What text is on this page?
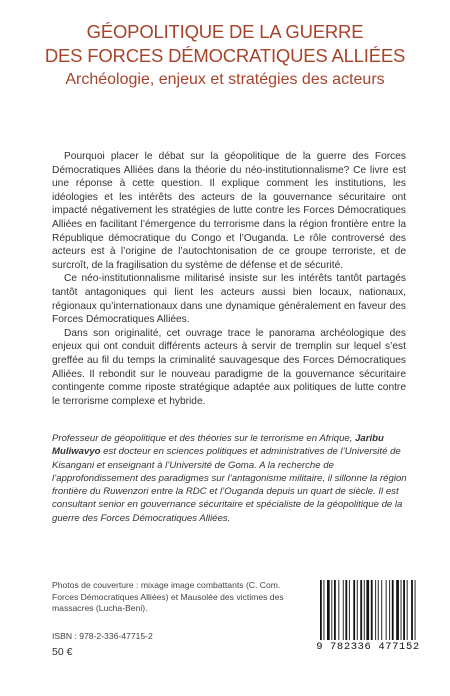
GÉOPOLITIQUE DE LA GUERRE
DES FORCES DÉMOCRATIQUES ALLIÉES
Archéologie, enjeux et stratégies des acteurs

Pourquoi placer le débat sur la géopolitique de la guerre des Forces Démocratiques Alliées dans la théorie du néo-institutionnalisme? Ce livre est une réponse à cette question. Il explique comment les institutions, les idéologies et les intérêts des acteurs de la gouvernance sécuritaire ont impacté négativement les stratégies de lutte contre les Forces Démocratiques Alliées en facilitant l’émergence du terrorisme dans la région frontière entre la République démocratique du Congo et l’Ouganda. Le rôle controversé des acteurs est à l’origine de l’autochtonisation de ce groupe terroriste, et de surcroît, de la fragilisation du système de défense et de sécurité.

Ce néo-institutionnalisme militarisé insiste sur les intérêts tantôt partagés tantôt antagoniques qui lient les acteurs aussi bien locaux, nationaux, régionaux qu’internationaux dans une dynamique généralement en faveur des Forces Démocratiques Alliées.

Dans son originalité, cet ouvrage trace le panorama archéologique des enjeux qui ont conduit différents acteurs à servir de tremplin sur lequel s’est greffée au fil du temps la criminalité sauvagesque des Forces Démocratiques Alliées. Il rebondit sur le nouveau paradigme de la gouvernance sécuritaire contingente comme riposte stratégique adaptée aux politiques de lutte contre le terrorisme complexe et hybride.

Professeur de géopolitique et des théories sur le terrorisme en Afrique, Jaribu Muliwavyo est docteur en sciences politiques et administratives de l’Université de Kisangani et enseignant à l’Université de Goma. A la recherche de l’approfondissement des paradigmes sur l’antagonisme militaire, il sillonne la région frontière du Ruwenzori entre la RDC et l’Ouganda depuis un quart de siècle. Il est consultant senior en gouvernance sécuritaire et spécialiste de la géopolitique de la guerre des Forces Démocratiques Alliées.
Photos de couverture : mixage image combattants (C. Com. Forces Démocratiques Alliées) et Mausolée des victimes des massacres (Lucha-Beni).
ISBN : 978-2-336-47715-2
50 €	9 782336 477152
